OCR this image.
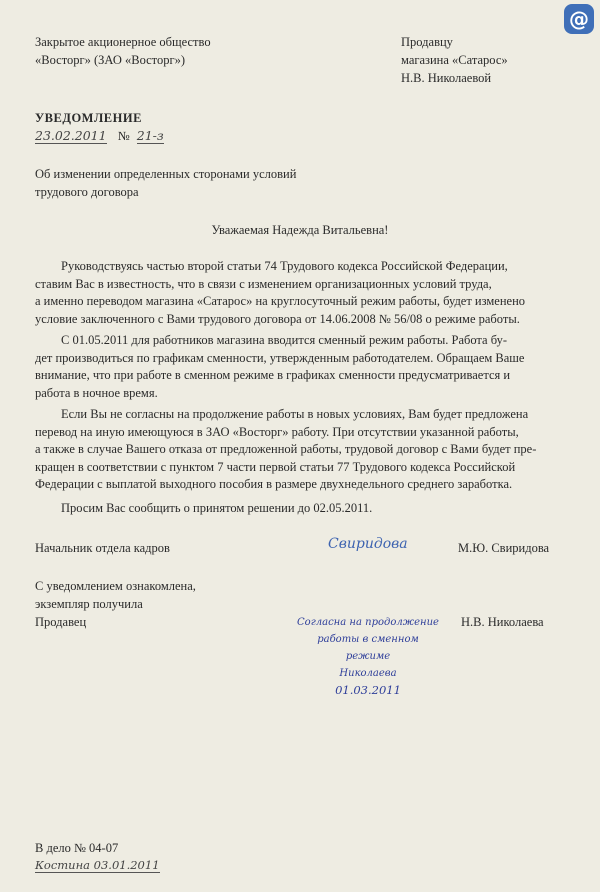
@
Закрытое акционерное общество
«Восторг» (ЗАО «Восторг»)
Продавцу
магазина «Сатарос»
Н.В. Николаевой
УВЕДОМЛЕНИЕ
23.02.2011 № 21-з
Об изменении определенных сторонами условий
трудового договора
Уважаемая Надежда Витальевна!
Руководствуясь частью второй статьи 74 Трудового кодекса Российской Федерации,
ставим Вас в известность, что в связи с изменением организационных условий труда,
а именно переводом магазина «Сатарос» на круглосуточный режим работы, будет изменено
условие заключенного с Вами трудового договора от 14.06.2008 № 56/08 о режиме работы.
С 01.05.2011 для работников магазина вводится сменный режим работы. Работа бу-
дет производиться по графикам сменности, утвержденным работодателем. Обращаем Ваше
внимание, что при работе в сменном режиме в графиках сменности предусматривается и
работа в ночное время.
Если Вы не согласны на продолжение работы в новых условиях, Вам будет предложена
перевод на иную имеющуюся в ЗАО «Восторг» работу. При отсутствии указанной работы,
а также в случае Вашего отказа от предложенной работы, трудовой договор с Вами будет пре-
кращен в соответствии с пунктом 7 части первой статьи 77 Трудового кодекса Российской
Федерации с выплатой выходного пособия в размере двухнедельного среднего заработка.
Просим Вас сообщить о принятом решении до 02.05.2011.
Начальник отдела кадров	Свиридова	М.Ю. Свиридова
С уведомлением ознакомлена,
экземпляр получила
Продавец	Согласна на продолжение
работы в сменном режиме
Николаева
01.03.2011
Н.В. Николаева
В дело № 04-07
Костина 03.01.2011
